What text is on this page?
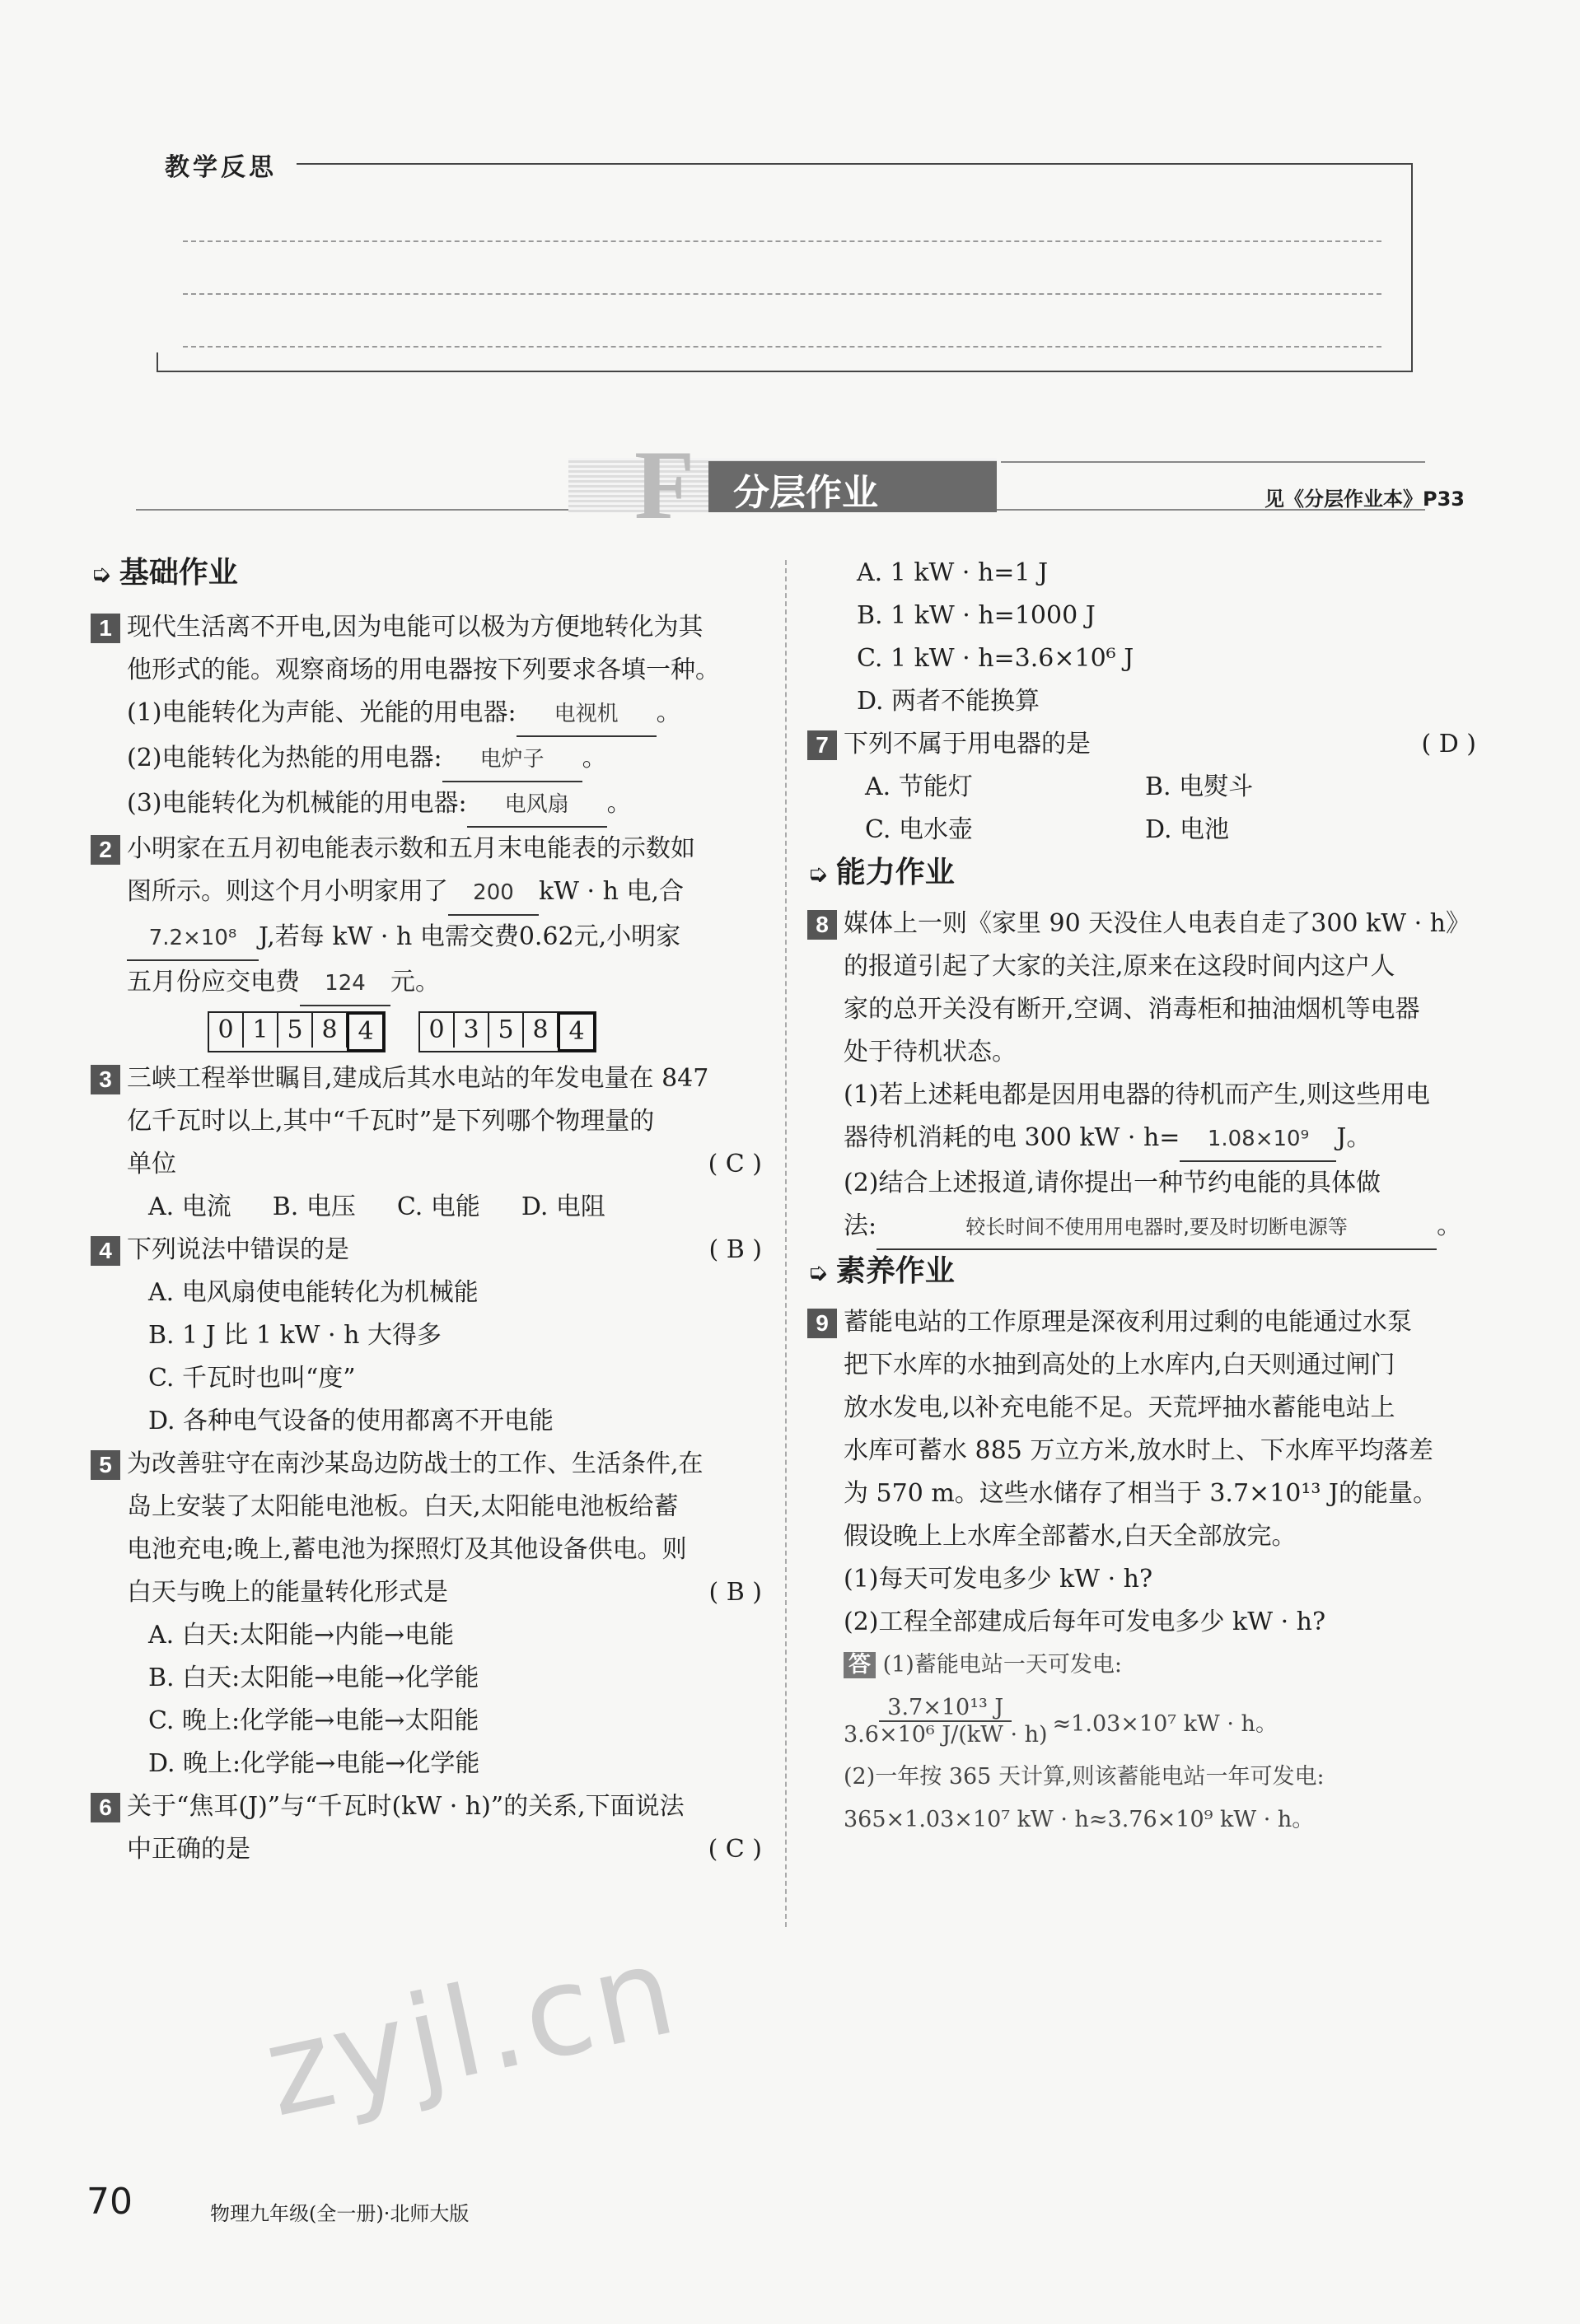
教学反思
F 分层作业	见《分层作业本》P33
➭ 基础作业
1 现代生活离不开电,因为电能可以极为方便地转化为其
他形式的能。观察商场的用电器按下列要求各填一种。
(1)电能转化为声能、光能的用电器: 电视机 。
(2)电能转化为热能的用电器: 电炉子 。
(3)电能转化为机械能的用电器: 电风扇 。
2 小明家在五月初电能表示数和五月末电能表的示数如
图所示。则这个月小明家用了 200 kW · h 电,合
7.2×10⁸ J,若每 kW · h 电需交费0.62元,小明家
五月份应交电费 124 元。
0 1 5 8 4	0 3 5 8 4
3 三峡工程举世瞩目,建成后其水电站的年发电量在 847
亿千瓦时以上,其中“千瓦时”是下列哪个物理量的
单位	( C )
A. 电流 B. 电压 C. 电能 D. 电阻
4 下列说法中错误的是	( B )
A. 电风扇使电能转化为机械能
B. 1 J 比 1 kW · h 大得多
C. 千瓦时也叫“度”
D. 各种电气设备的使用都离不开电能
5 为改善驻守在南沙某岛边防战士的工作、生活条件,在
岛上安装了太阳能电池板。白天,太阳能电池板给蓄
电池充电;晚上,蓄电池为探照灯及其他设备供电。则
白天与晚上的能量转化形式是	( B )
A. 白天:太阳能→内能→电能
B. 白天:太阳能→电能→化学能
C. 晚上:化学能→电能→太阳能
D. 晚上:化学能→电能→化学能
6 关于“焦耳(J)”与“千瓦时(kW · h)”的关系,下面说法
中正确的是	( C )
A. 1 kW · h=1 J
B. 1 kW · h=1000 J
C. 1 kW · h=3.6×10⁶ J
D. 两者不能换算
7 下列不属于用电器的是	( D )
A. 节能灯	B. 电熨斗
C. 电水壶	D. 电池
➭ 能力作业
8 媒体上一则《家里 90 天没住人电表自走了300 kW · h》
的报道引起了大家的关注,原来在这段时间内这户人
家的总开关没有断开,空调、消毒柜和抽油烟机等电器
处于待机状态。
(1)若上述耗电都是因用电器的待机而产生,则这些用电
器待机消耗的电 300 kW · h= 1.08×10⁹ J。
(2)结合上述报道,请你提出一种节约电能的具体做
法:	较长时间不使用用电器时,要及时切断电源等	。
➭ 素养作业
9 蓄能电站的工作原理是深夜利用过剩的电能通过水泵
把下水库的水抽到高处的上水库内,白天则通过闸门
放水发电,以补充电能不足。天荒坪抽水蓄能电站上
水库可蓄水 885 万立方米,放水时上、下水库平均落差
为 570 m。这些水储存了相当于 3.7×10¹³ J的能量。
假设晚上上水库全部蓄水,白天全部放完。
(1)每天可发电多少 kW · h?
(2)工程全部建成后每年可发电多少 kW · h?
答 (1)蓄能电站一天可发电:
$\frac{\text{3.7×10¹³ J}}{\text{3.6×10⁶ J/(kW · h)}} \approx 1.03\times 10^7$ kW · h。
(2)一年按 365 天计算,则该蓄能电站一年可发电:
365×1.03×10⁷ kW · h≈3.76×10⁹ kW · h。
zyjl.cn
70	物理九年级(全一册)·北师大版
